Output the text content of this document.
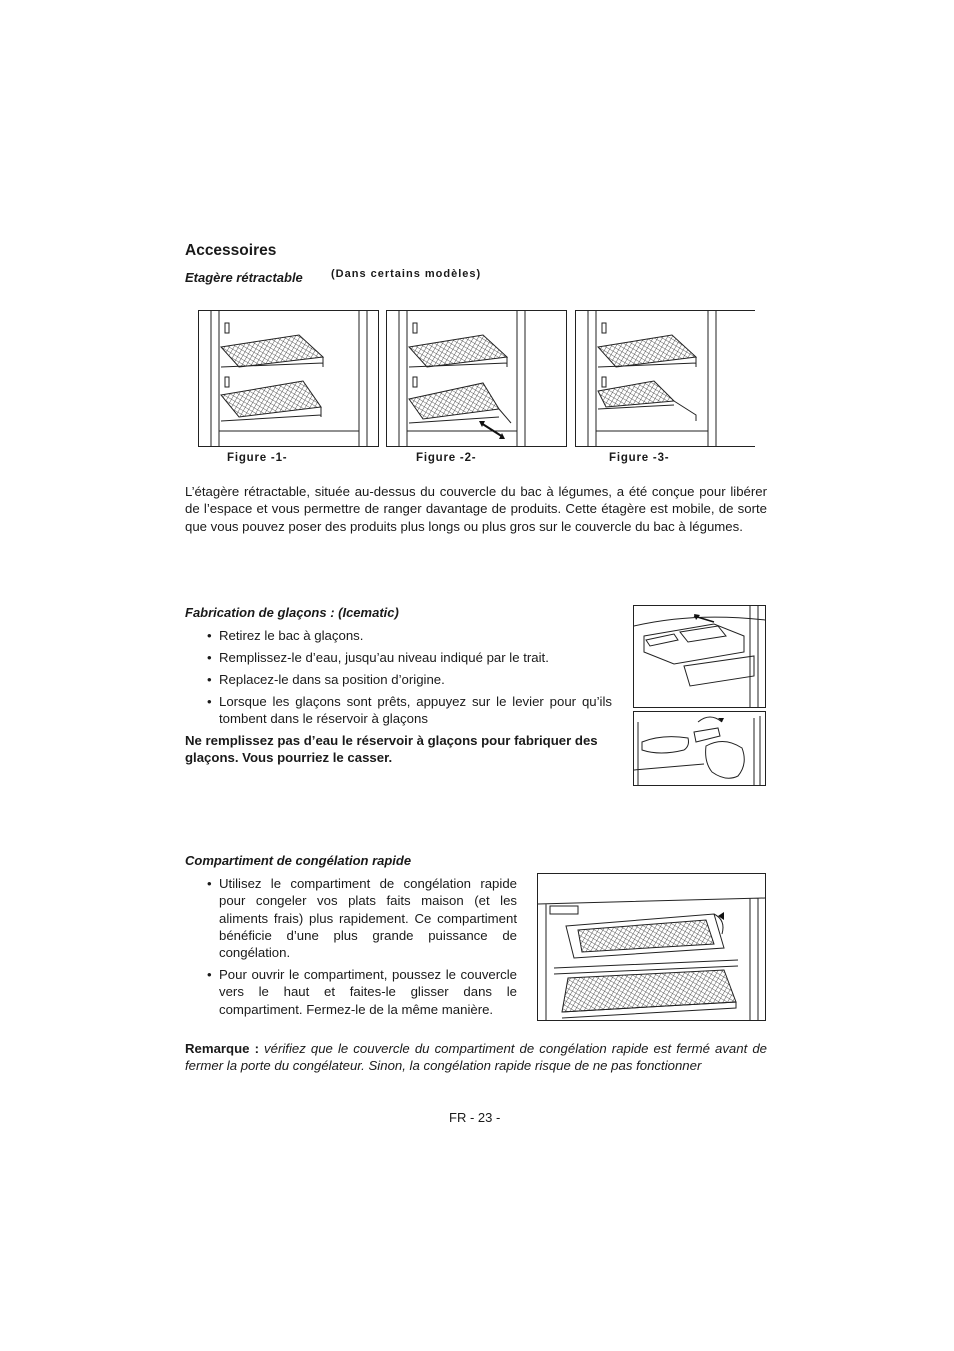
Accessoires
Etagère rétractable	(Dans certains modèles)
Figure -1-	Figure -2-	Figure -3-
L’étagère rétractable, située au-dessus du couvercle du bac à légumes, a été conçue pour libérer de l’espace et vous permettre de ranger davantage de produits. Cette étagère est mobile, de sorte que vous pouvez poser des produits plus longs ou plus gros sur le couvercle du bac à légumes.
Fabrication de glaçons : (Icematic)
• Retirez le bac à glaçons.
• Remplissez-le d’eau, jusqu’au niveau indiqué par le trait.
• Replacez-le dans sa position d’origine.
• Lorsque les glaçons sont prêts, appuyez sur le levier pour qu’ils tombent dans le réservoir à glaçons
Ne remplissez pas d’eau le réservoir à glaçons pour fabriquer des glaçons. Vous pourriez le casser.
Compartiment de congélation rapide
• Utilisez le compartiment de congélation rapide pour congeler vos plats faits maison (et les aliments frais) plus rapidement. Ce compartiment bénéficie d’une plus grande puissance de congélation.
• Pour ouvrir le compartiment, poussez le couvercle vers le haut et faites-le glisser dans le compartiment. Fermez-le de la même manière.
Remarque : vérifiez que le couvercle du compartiment de congélation rapide est fermé avant de fermer la porte du congélateur. Sinon, la congélation rapide risque de ne pas fonctionner
FR - 23 -
